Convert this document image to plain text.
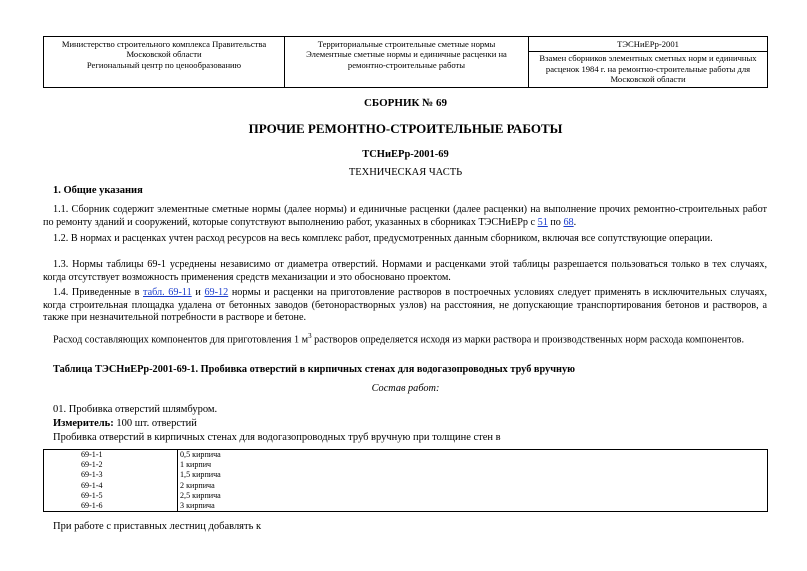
Министерство строительного комплекса Правительства
Московской области
Региональный центр по ценообразованию

Территориальные строительные сметные нормы
Элементные сметные нормы и единичные расценки на
ремонтно-строительные работы

ТЭСНиЕРр-2001
Взамен сборников элементных сметных норм и единичных
расценок 1984 г. на ремонтно-строительные работы для
Московской области
СБОРНИК № 69
ПРОЧИЕ РЕМОНТНО-СТРОИТЕЛЬНЫЕ РАБОТЫ
ТСНиЕРр-2001-69
ТЕХНИЧЕСКАЯ ЧАСТЬ
1. Общие указания
1.1. Сборник содержит элементные сметные нормы (далее нормы) и единичные расценки (далее расценки) на выполнение прочих ремонтно-строительных работ по ремонту зданий и сооружений, которые сопутствуют выполнению работ, указанных в сборниках ТЭСНиЕРр с 51 по 68.
1.2. В нормах и расценках учтен расход ресурсов на весь комплекс работ, предусмотренных данным сборником, включая все сопутствующие операции.
1.3. Нормы таблицы 69-1 усреднены независимо от диаметра отверстий. Нормами и расценками этой таблицы разрешается пользоваться только в тех случаях, когда отсутствует возможность применения средств механизации и это обосновано проектом.
1.4. Приведенные в табл. 69-11 и 69-12 нормы и расценки на приготовление растворов в построечных условиях следует применять в исключительных случаях, когда строительная площадка удалена от бетонных заводов (бетонорастворных узлов) на расстояния, не допускающие транспортирования бетонов и растворов, а также при незначительной потребности в растворе и бетоне.
Расход составляющих компонентов для приготовления 1 $м^3$ растворов определяется исходя из марки раствора и производственных норм расхода компонентов.
Таблица ТЭСНиЕРр-2001-69-1. Пробивка отверстий в кирпичных стенах для водогазопроводных труб вручную
Состав работ:
01. Пробивка отверстий шлямбуром.
Измеритель: 100 шт. отверстий
Пробивка отверстий в кирпичных стенах для водогазопроводных труб вручную при толщине стен в
69-1-1	0,5 кирпича
69-1-2	1 кирпич
69-1-3	1,5 кирпича
69-1-4	2 кирпича
69-1-5	2,5 кирпича
69-1-6	3 кирпича
При работе с приставных лестниц добавлять к
